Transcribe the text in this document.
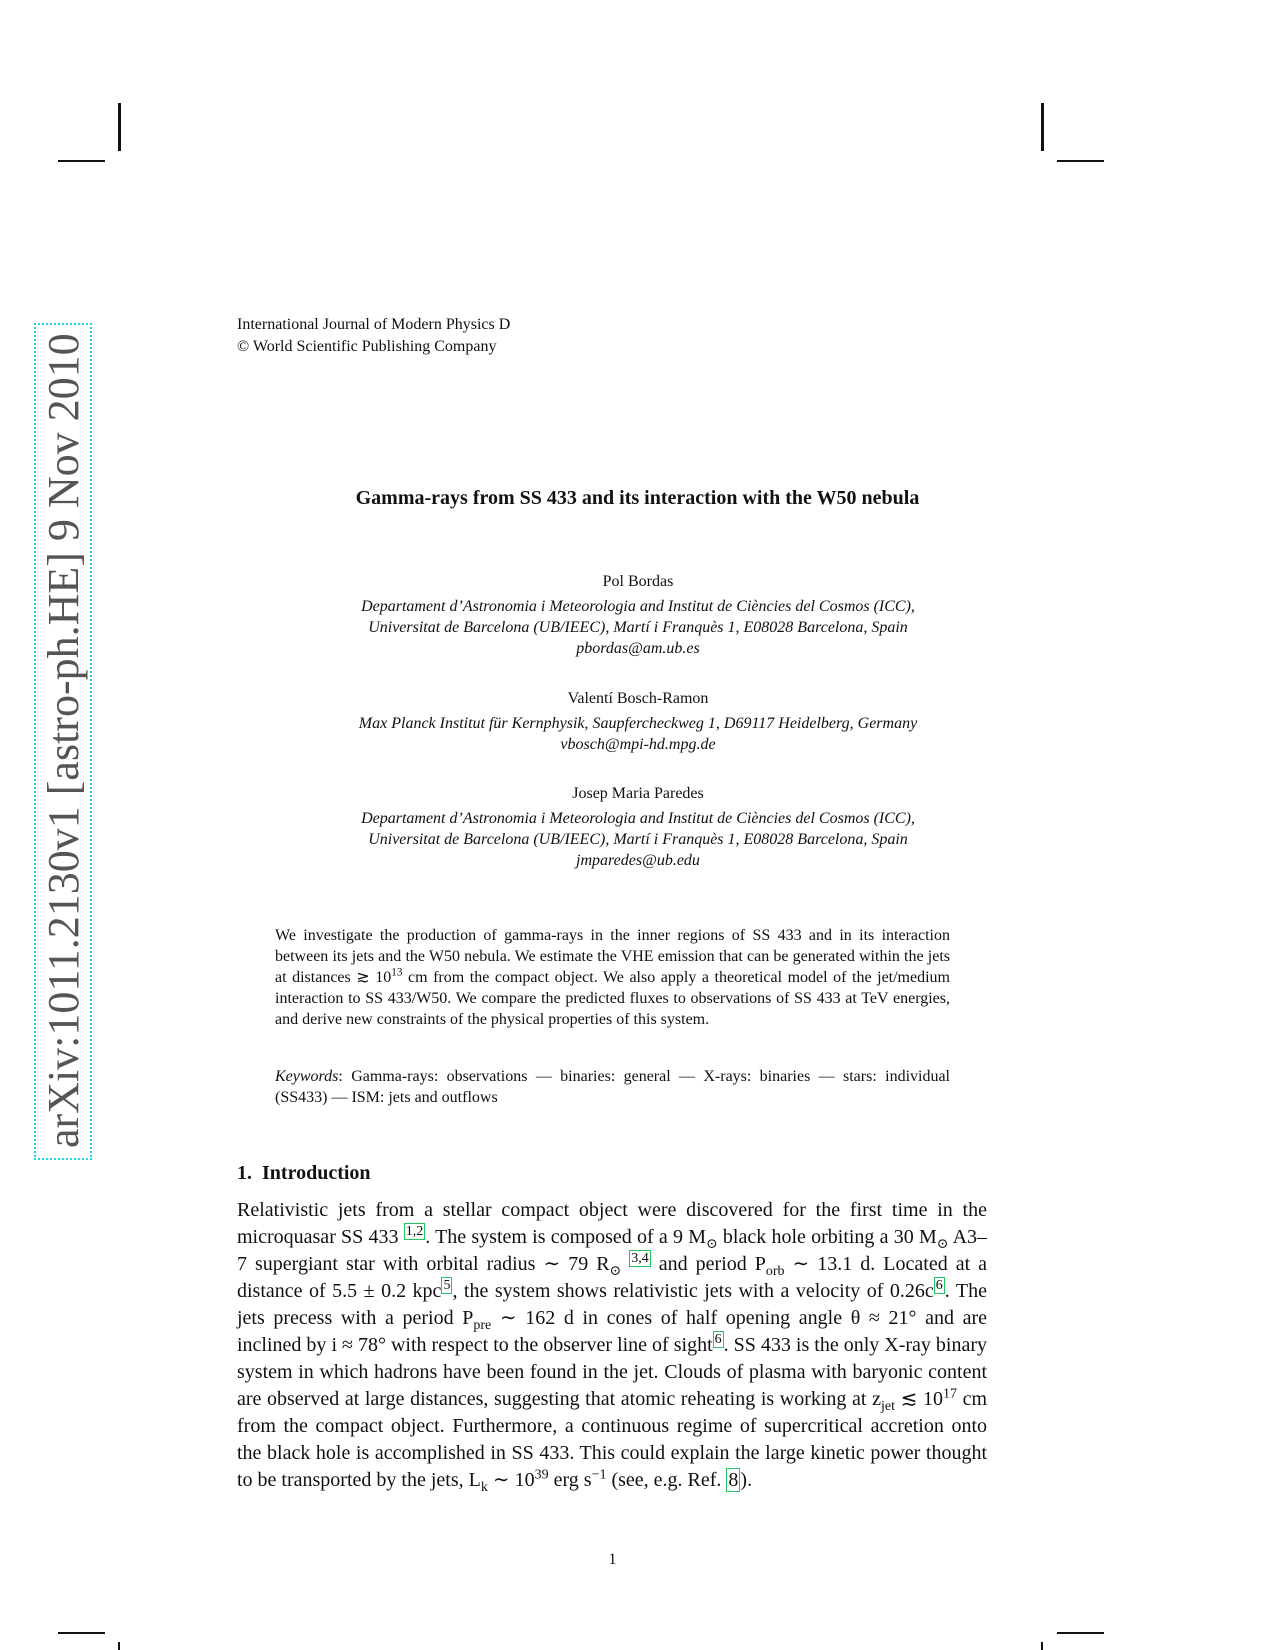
arXiv:1011.2130v1 [astro-ph.HE] 9 Nov 2010
International Journal of Modern Physics D
© World Scientific Publishing Company
Gamma-rays from SS 433 and its interaction with the W50 nebula
Pol Bordas
Departament d’Astronomia i Meteorologia and Institut de Ciències del Cosmos (ICC),
Universitat de Barcelona (UB/IEEC), Martí i Franquès 1, E08028 Barcelona, Spain
pbordas@am.ub.es
Valentí Bosch-Ramon
Max Planck Institut für Kernphysik, Saupfercheckweg 1, D69117 Heidelberg, Germany
vbosch@mpi-hd.mpg.de
Josep Maria Paredes
Departament d’Astronomia i Meteorologia and Institut de Ciències del Cosmos (ICC),
Universitat de Barcelona (UB/IEEC), Martí i Franquès 1, E08028 Barcelona, Spain
jmparedes@ub.edu
We investigate the production of gamma-rays in the inner regions of SS 433 and in its interaction between its jets and the W50 nebula. We estimate the VHE emission that can be generated within the jets at distances ≳ $10^{13}$ cm from the compact object. We also apply a theoretical model of the jet/medium interaction to SS 433/W50. We compare the predicted fluxes to observations of SS 433 at TeV energies, and derive new constraints of the physical properties of this system.
Keywords: Gamma-rays: observations — binaries: general — X-rays: binaries — stars: individual (SS433) — ISM: jets and outflows
1. Introduction
Relativistic jets from a stellar compact object were discovered for the first time in the microquasar SS 433 $^{1,2}$ . The system is composed of a 9 $M_⊙$ black hole orbiting a 30 $M_⊙$ A3–7 supergiant star with orbital radius ∼ 79 $R_⊙$ $^{3,4}$ and period $P_{orb}$ ∼ 13.1 d. Located at a distance of 5.5 ± 0.2 kpc $^5$ , the system shows relativistic jets with a velocity of 0.26c $^6$ . The jets precess with a period $P_{pre}$ ∼ 162 d in cones of half opening angle θ ≈ 21° and are inclined by i ≈ 78° with respect to the observer line of sight $^6$ . SS 433 is the only X-ray binary system in which hadrons have been found in the jet. Clouds of plasma with baryonic content are observed at large distances, suggesting that atomic reheating is working at $z_{jet}$ ≲ $10^{17}$ cm from the compact object. Furthermore, a continuous regime of supercritical accretion onto the black hole is accomplished in SS 433. This could explain the large kinetic power thought to be transported by the jets, $L_k$ ∼ $10^{39}$ erg $s^{-1}$ (see, e.g. Ref. 8 ).
1
